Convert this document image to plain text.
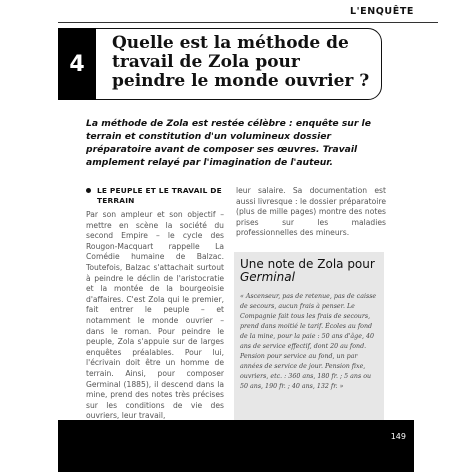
L'ENQUÊTE
4
Quelle est la méthode de travail de Zola pour peindre le monde ouvrier ?
La méthode de Zola est restée célèbre : enquête sur le terrain et constitution d'un volumineux dossier préparatoire avant de composer ses œuvres. Travail amplement relayé par l'imagination de l'auteur.
LE PEUPLE ET LE TRAVAIL DE TERRAIN

Par son ampleur et son objectif – mettre en scène la société du second Empire – le cycle des Rougon-Macquart rappelle La Comédie humaine de Balzac. Toutefois, Balzac s'attachait surtout à peindre le déclin de l'aristocratie et la montée de la bourgeoisie d'affaires. C'est Zola qui le premier, fait entrer le peuple – et notamment le monde ouvrier – dans le roman. Pour peindre le peuple, Zola s'appuie sur de larges enquêtes préalables. Pour lui, l'écrivain doit être un homme de terrain. Ainsi, pour composer Germinal (1885), il descend dans la mine, prend des notes très précises sur les conditions de vie des ouvriers, leur travail,

leur salaire. Sa documentation est aussi livresque : le dossier préparatoire (plus de mille pages) montre des notes prises sur les maladies professionnelles des mineurs.

Une note de Zola pour Germinal

« Ascenseur, pas de retenue, pas de caisse de secours, aucun frais à penser. Le Compagnie fait tous les frais de secours, prend dans moitié le tarif. Écoles au fond de la mine, pour la paie : 50 ans d'âge, 40 ans de service effectif, dont 20 au fond. Pension pour service au fond, un par années de service de jour. Pension fixe, ouvriers, etc. : 360 ans, 180 fr. ; 5 ans ou 50 ans, 190 fr. ; 40 ans, 132 fr. »

149
